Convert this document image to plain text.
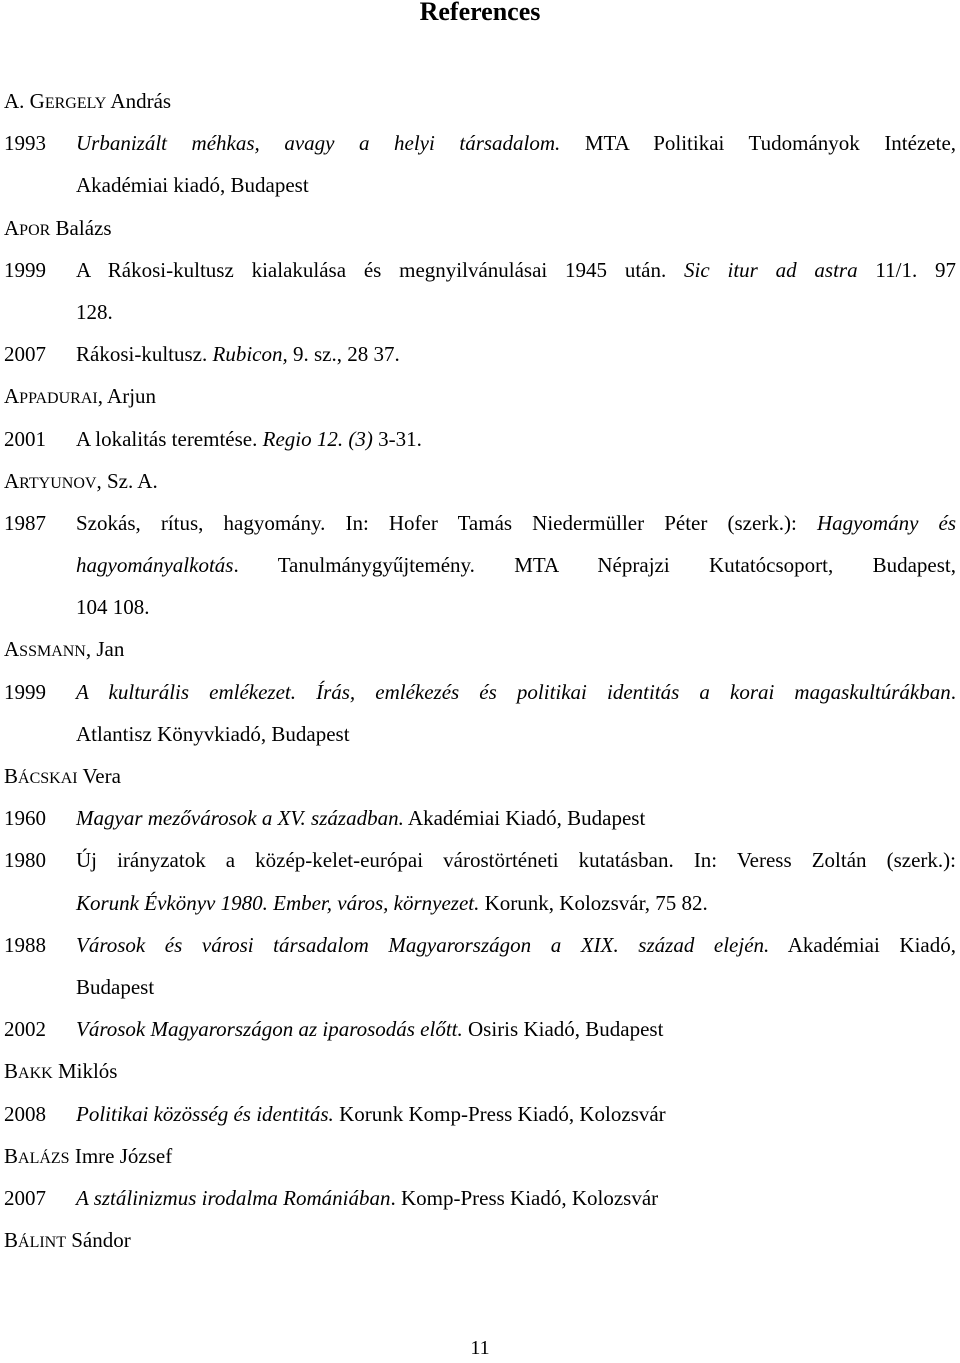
References
A. GERGELY András
1993	Urbanizált méhkas, avagy a helyi társadalom. MTA Politikai Tudományok Intézete,
Akadémiai kiadó, Budapest
APOR Balázs
1999	A Rákosi-kultusz kialakulása és megnyilvánulásai 1945 után. Sic itur ad astra 11/1. 97
128.
2007	Rákosi-kultusz. Rubicon, 9. sz., 28 37.
APPADURAI, Arjun
2001	A lokalitás teremtése. Regio 12. (3) 3-31.
ARTYUNOV, Sz. A.
1987	Szokás, rítus, hagyomány. In: Hofer Tamás Niedermüller Péter (szerk.): Hagyomány és
hagyományalkotás. Tanulmánygyűjtemény. MTA Néprajzi Kutatócsoport, Budapest,
104 108.
ASSMANN, Jan
1999	A kulturális emlékezet. Írás, emlékezés és politikai identitás a korai magaskultúrákban.
Atlantisz Könyvkiadó, Budapest
BÁCSKAI Vera
1960	Magyar mezővárosok a XV. században. Akadémiai Kiadó, Budapest
1980	Új irányzatok a közép-kelet-európai várostörténeti kutatásban. In: Veress Zoltán (szerk.):
Korunk Évkönyv 1980. Ember, város, környezet. Korunk, Kolozsvár, 75 82.
1988	Városok és városi társadalom Magyarországon a XIX. század elején. Akadémiai Kiadó,
Budapest
2002	Városok Magyarországon az iparosodás előtt. Osiris Kiadó, Budapest
BAKK Miklós
2008	Politikai közösség és identitás. Korunk Komp-Press Kiadó, Kolozsvár
BALÁZS Imre József
2007	A sztálinizmus irodalma Romániában. Komp-Press Kiadó, Kolozsvár
BÁLINT Sándor
11
